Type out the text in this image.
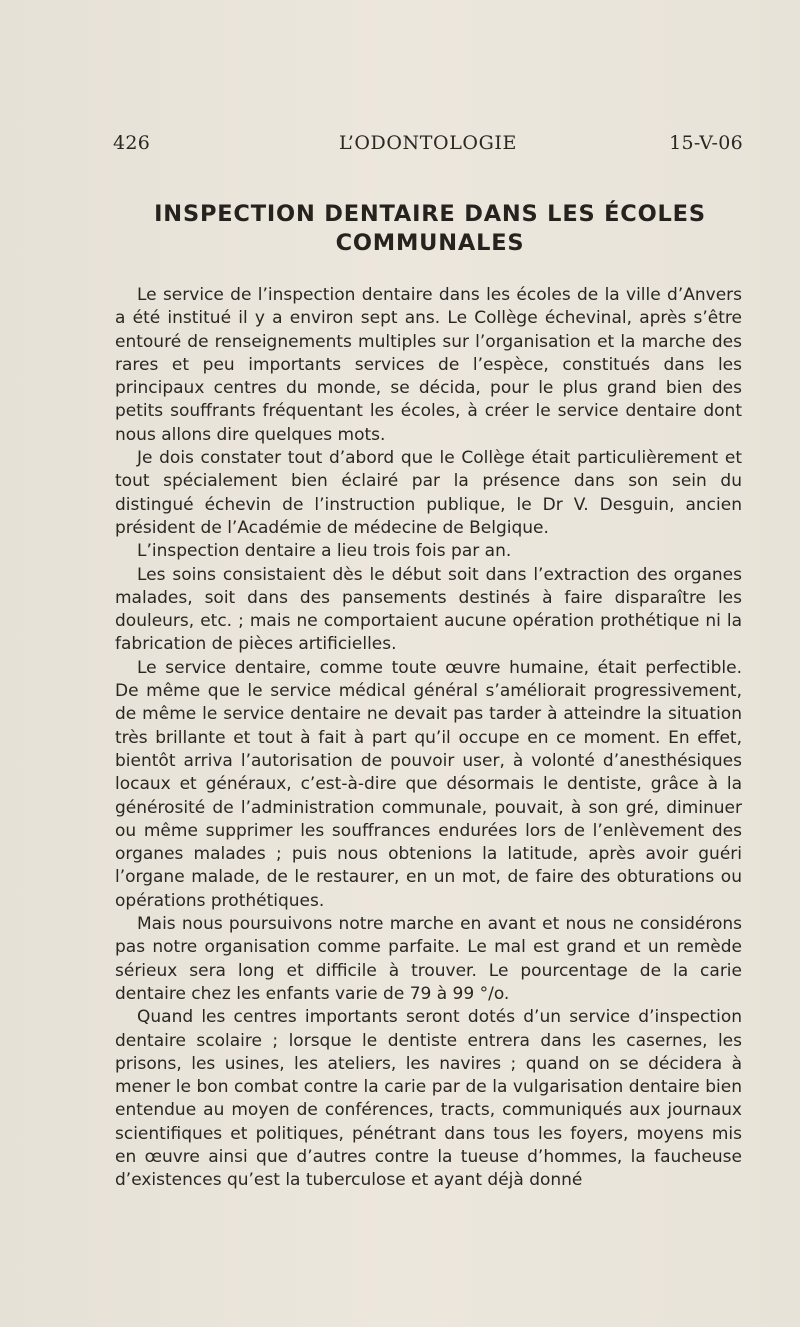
426	L’ODONTOLOGIE	15-V-06
INSPECTION DENTAIRE DANS LES ÉCOLES
COMMUNALES

Le service de l’inspection dentaire dans les écoles de la ville d’Anvers a été institué il y a environ sept ans. Le Collège échevinal, après s’être entouré de renseignements multiples sur l’organisation et la marche des rares et peu importants services de l’espèce, constitués dans les principaux centres du monde, se décida, pour le plus grand bien des petits souffrants fréquentant les écoles, à créer le service dentaire dont nous allons dire quelques mots.

Je dois constater tout d’abord que le Collège était particulièrement et tout spécialement bien éclairé par la présence dans son sein du distingué échevin de l’instruction publique, le Dr V. Desguin, ancien président de l’Académie de médecine de Belgique.

L’inspection dentaire a lieu trois fois par an.

Les soins consistaient dès le début soit dans l’extraction des organes malades, soit dans des pansements destinés à faire disparaître les douleurs, etc. ; mais ne comportaient aucune opération prothétique ni la fabrication de pièces artificielles.

Le service dentaire, comme toute œuvre humaine, était perfectible. De même que le service médical général s’améliorait progressivement, de même le service dentaire ne devait pas tarder à atteindre la situation très brillante et tout à fait à part qu’il occupe en ce moment. En effet, bientôt arriva l’autorisation de pouvoir user, à volonté d’anesthésiques locaux et généraux, c’est-à-dire que désormais le dentiste, grâce à la générosité de l’administration communale, pouvait, à son gré, diminuer ou même supprimer les souffrances endurées lors de l’enlèvement des organes malades ; puis nous obtenions la latitude, après avoir guéri l’organe malade, de le restaurer, en un mot, de faire des obturations ou opérations prothétiques.

Mais nous poursuivons notre marche en avant et nous ne considérons pas notre organisation comme parfaite. Le mal est grand et un remède sérieux sera long et difficile à trouver. Le pourcentage de la carie dentaire chez les enfants varie de 79 à 99 °/o.

Quand les centres importants seront dotés d’un service d’inspection dentaire scolaire ; lorsque le dentiste entrera dans les casernes, les prisons, les usines, les ateliers, les navires ; quand on se décidera à mener le bon combat contre la carie par de la vulgarisation dentaire bien entendue au moyen de conférences, tracts, communiqués aux journaux scientifiques et politiques, pénétrant dans tous les foyers, moyens mis en œuvre ainsi que d’autres contre la tueuse d’hommes, la faucheuse d’existences qu’est la tuberculose et ayant déjà donné
